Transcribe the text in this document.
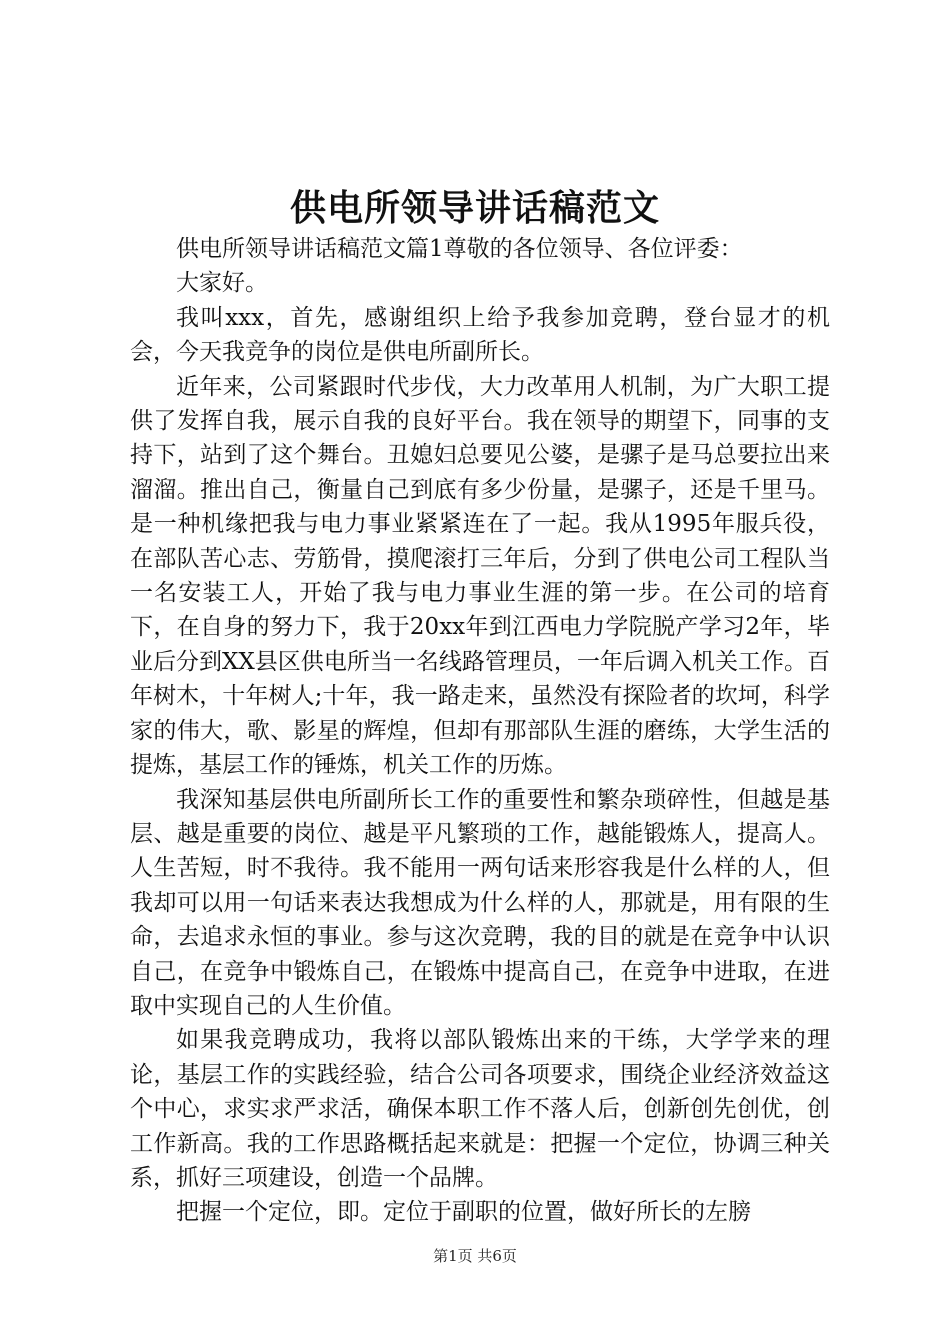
供电所领导讲话稿范文

供电所领导讲话稿范文篇1尊敬的各位领导、各位评委：

大家好。

我叫xxx，首先，感谢组织上给予我参加竞聘，登台显才的机会，今天我竞争的岗位是供电所副所长。

近年来，公司紧跟时代步伐，大力改革用人机制，为广大职工提供了发挥自我，展示自我的良好平台。我在领导的期望下，同事的支持下，站到了这个舞台。丑媳妇总要见公婆，是骡子是马总要拉出来溜溜。推出自己，衡量自己到底有多少份量，是骡子，还是千里马。是一种机缘把我与电力事业紧紧连在了一起。我从1995年服兵役，在部队苦心志、劳筋骨，摸爬滚打三年后，分到了供电公司工程队当一名安装工人，开始了我与电力事业生涯的第一步。在公司的培育下，在自身的努力下，我于20xx年到江西电力学院脱产学习2年，毕业后分到XX县区供电所当一名线路管理员，一年后调入机关工作。百年树木，十年树人;十年，我一路走来，虽然没有探险者的坎坷，科学家的伟大，歌、影星的辉煌，但却有那部队生涯的磨练，大学生活的提炼，基层工作的锤炼，机关工作的历炼。

我深知基层供电所副所长工作的重要性和繁杂琐碎性，但越是基层、越是重要的岗位、越是平凡繁琐的工作，越能锻炼人，提高人。人生苦短，时不我待。我不能用一两句话来形容我是什么样的人，但我却可以用一句话来表达我想成为什么样的人，那就是，用有限的生命，去追求永恒的事业。参与这次竞聘，我的目的就是在竞争中认识自己，在竞争中锻炼自己，在锻炼中提高自己，在竞争中进取，在进取中实现自己的人生价值。

如果我竞聘成功，我将以部队锻炼出来的干练，大学学来的理论，基层工作的实践经验，结合公司各项要求，围绕企业经济效益这个中心，求实求严求活，确保本职工作不落人后，创新创先创优，创工作新高。我的工作思路概括起来就是：把握一个定位，协调三种关系，抓好三项建设，创造一个品牌。

把握一个定位，即。定位于副职的位置，做好所长的左膀

第1页 共6页
